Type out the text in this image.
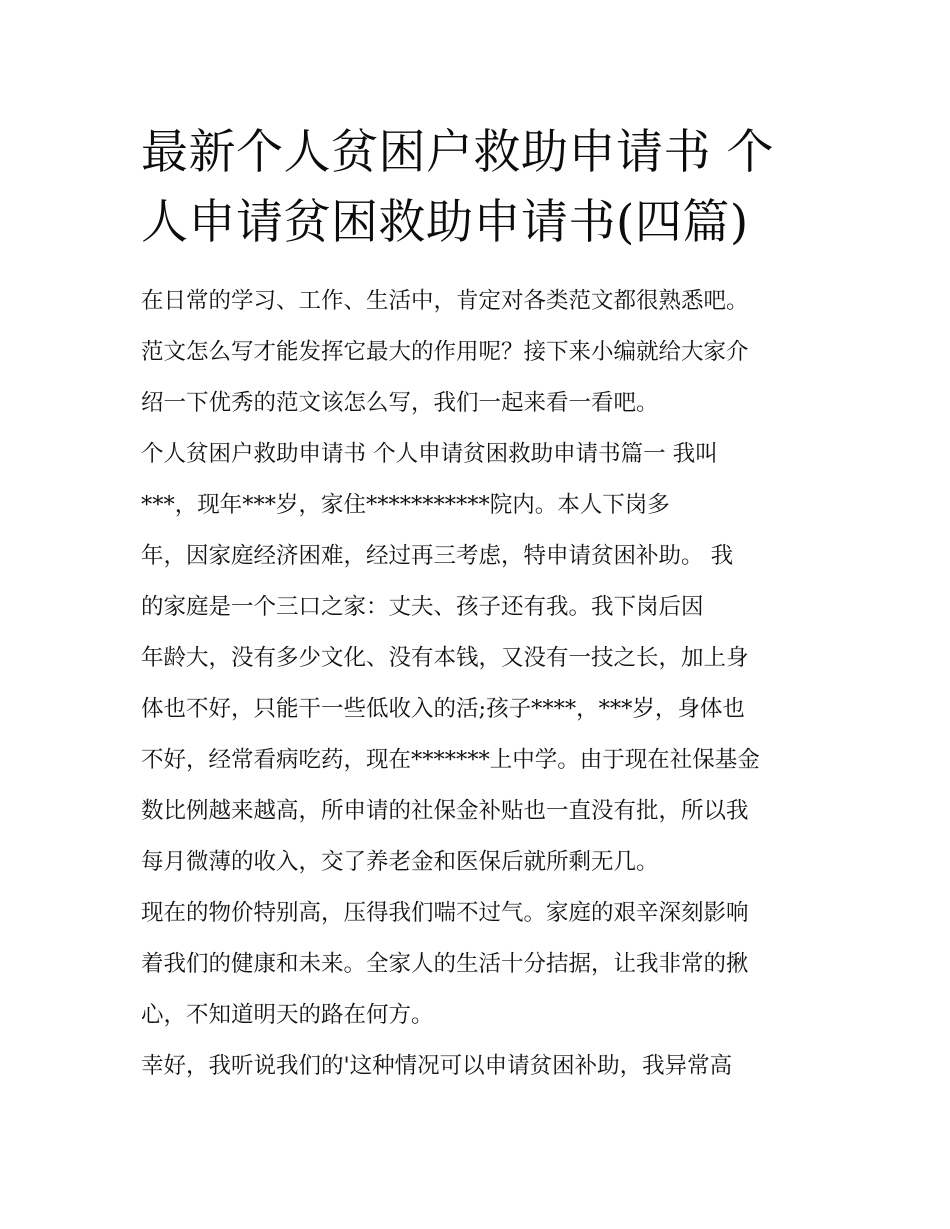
最新个人贫困户救助申请书 个
人申请贫困救助申请书(四篇)
在日常的学习、工作、生活中，肯定对各类范文都很熟悉吧。
范文怎么写才能发挥它最大的作用呢？接下来小编就给大家介
绍一下优秀的范文该怎么写，我们一起来看一看吧。
个人贫困户救助申请书 个人申请贫困救助申请书篇一 我叫
***，现年***岁，家住***********院内。本人下岗多
年，因家庭经济困难，经过再三考虑，特申请贫困补助。 我
的家庭是一个三口之家：丈夫、孩子还有我。我下岗后因
年龄大，没有多少文化、没有本钱，又没有一技之长，加上身
体也不好，只能干一些低收入的活;孩子****，***岁，身体也
不好，经常看病吃药，现在*******上中学。由于现在社保基金
数比例越来越高，所申请的社保金补贴也一直没有批，所以我
每月微薄的收入，交了养老金和医保后就所剩无几。
现在的物价特别高，压得我们喘不过气。家庭的艰辛深刻影响
着我们的健康和未来。全家人的生活十分拮据，让我非常的揪
心，不知道明天的路在何方。
幸好，我听说我们的'这种情况可以申请贫困补助，我异常高
